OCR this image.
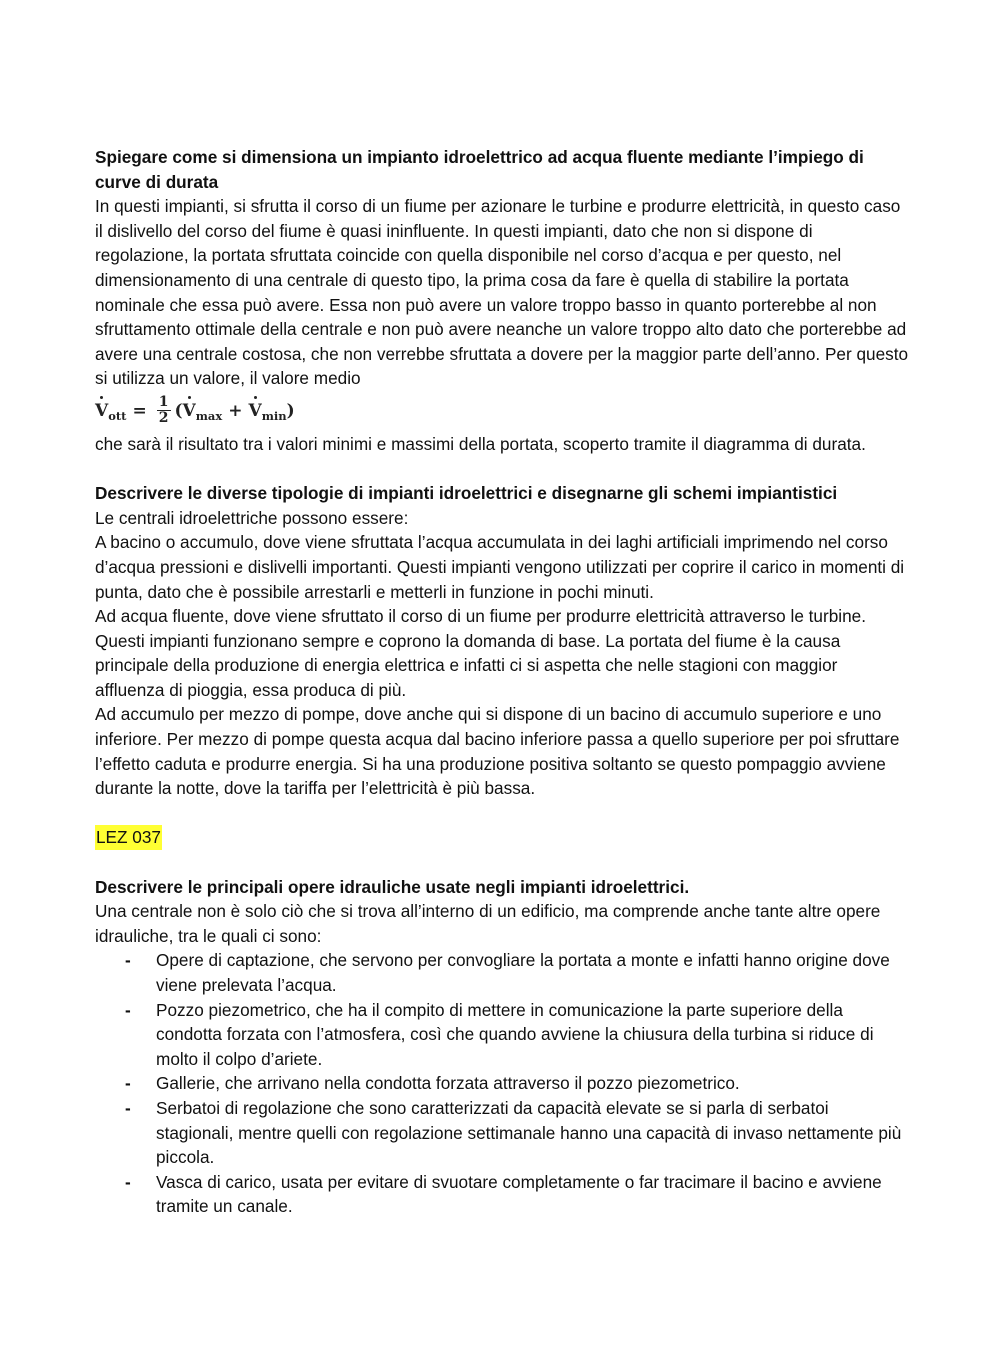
Spiegare come si dimensiona un impianto idroelettrico ad acqua fluente mediante l’impiego di curve di durata

In questi impianti, si sfrutta il corso di un fiume per azionare le turbine e produrre elettricità, in questo caso il dislivello del corso del fiume è quasi ininfluente. In questi impianti, dato che non si dispone di regolazione, la portata sfruttata coincide con quella disponibile nel corso d’acqua e per questo, nel dimensionamento di una centrale di questo tipo, la prima cosa da fare è quella di stabilire la portata nominale che essa può avere. Essa non può avere un valore troppo basso in quanto porterebbe al non sfruttamento ottimale della centrale e non può avere neanche un valore troppo alto dato che porterebbe ad avere una centrale costosa, che non verrebbe sfruttata a dovere per la maggior parte dell’anno. Per questo si utilizza un valore, il valore medio

V ott = $\frac{1}{2}$ ( V max + V min )

che sarà il risultato tra i valori minimi e massimi della portata, scoperto tramite il diagramma di durata.

Descrivere le diverse tipologie di impianti idroelettrici e disegnarne gli schemi impiantistici

Le centrali idroelettriche possono essere:

A bacino o accumulo, dove viene sfruttata l’acqua accumulata in dei laghi artificiali imprimendo nel corso d’acqua pressioni e dislivelli importanti. Questi impianti vengono utilizzati per coprire il carico in momenti di punta, dato che è possibile arrestarli e metterli in funzione in pochi minuti.

Ad acqua fluente, dove viene sfruttato il corso di un fiume per produrre elettricità attraverso le turbine. Questi impianti funzionano sempre e coprono la domanda di base. La portata del fiume è la causa principale della produzione di energia elettrica e infatti ci si aspetta che nelle stagioni con maggior affluenza di pioggia, essa produca di più.

Ad accumulo per mezzo di pompe, dove anche qui si dispone di un bacino di accumulo superiore e uno inferiore. Per mezzo di pompe questa acqua dal bacino inferiore passa a quello superiore per poi sfruttare l’effetto caduta e produrre energia. Si ha una produzione positiva soltanto se questo pompaggio avviene durante la notte, dove la tariffa per l’elettricità è più bassa.

LEZ 037

Descrivere le principali opere idrauliche usate negli impianti idroelettrici.

Una centrale non è solo ciò che si trova all’interno di un edificio, ma comprende anche tante altre opere idrauliche, tra le quali ci sono:

- Opere di captazione, che servono per convogliare la portata a monte e infatti hanno origine dove viene prelevata l’acqua.
- Pozzo piezometrico, che ha il compito di mettere in comunicazione la parte superiore della condotta forzata con l’atmosfera, così che quando avviene la chiusura della turbina si riduce di molto il colpo d’ariete.
- Gallerie, che arrivano nella condotta forzata attraverso il pozzo piezometrico.
- Serbatoi di regolazione che sono caratterizzati da capacità elevate se si parla di serbatoi stagionali, mentre quelli con regolazione settimanale hanno una capacità di invaso nettamente più piccola.
- Vasca di carico, usata per evitare di svuotare completamente o far tracimare il bacino e avviene tramite un canale.
